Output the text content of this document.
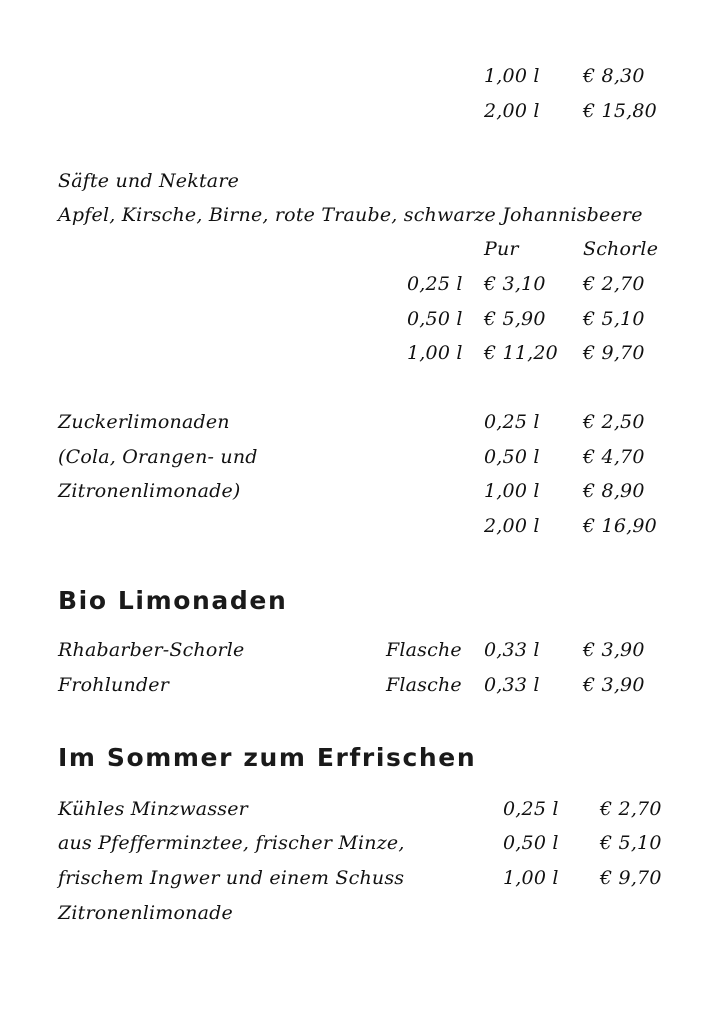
1,00 l € 8,30
2,00 l € 15,80
Säfte und Nektare
Apfel, Kirsche, Birne, rote Traube, schwarze Johannisbeere
Pur	Schorle
0,25 l € 3,10 € 2,70
0,50 l € 5,90 € 5,10
1,00 l € 11,20 € 9,70
Zuckerlimonaden
(Cola, Orangen- und
Zitronenlimonade)
0,25 l € 2,50
0,50 l € 4,70
1,00 l € 8,90
2,00 l € 16,90
Bio Limonaden
Rhabarber-Schorle	Flasche 0,33 l € 3,90
Frohlunder	Flasche 0,33 l € 3,90
Im Sommer zum Erfrischen
Kühles Minzwasser
aus Pfefferminztee, frischer Minze,
frischem Ingwer und einem Schuss
Zitronenlimonade
0,25 l € 2,70
0,50 l € 5,10
1,00 l € 9,70
